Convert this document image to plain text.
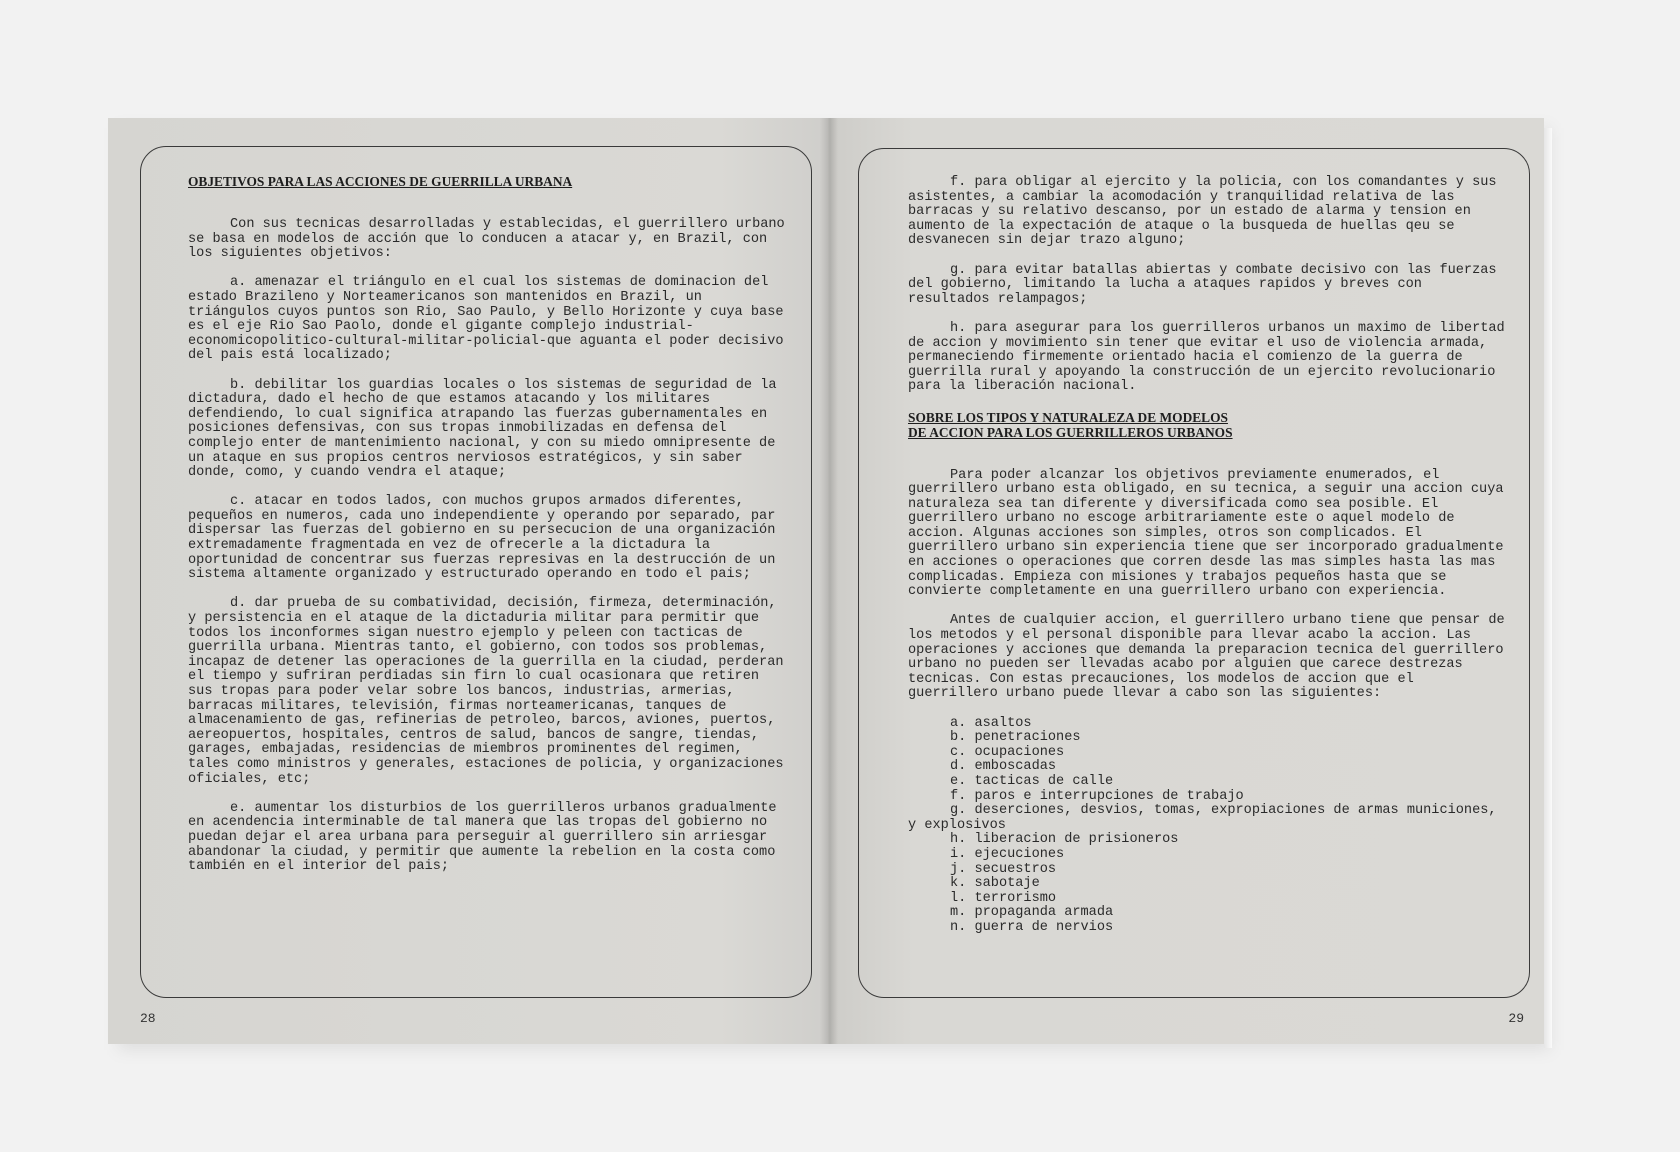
OBJETIVOS PARA LAS ACCIONES DE GUERRILLA URBANA

Con sus tecnicas desarrolladas y establecidas, el guerrillero urbano se basa en modelos de acción que lo conducen a atacar y, en Brazil, con los siguientes objetivos:

a. amenazar el triángulo en el cual los sistemas de dominacion del estado Brazileno y Norteamericanos son mantenidos en Brazil, un triángulos cuyos puntos son Rio, Sao Paulo, y Bello Horizonte y cuya base es el eje Rio Sao Paolo, donde el gigante complejo industrial-economicopolitico-cultural-militar-policial-que aguanta el poder decisivo del pais está localizado;

b. debilitar los guardias locales o los sistemas de seguridad de la dictadura, dado el hecho de que estamos atacando y los militares defendiendo, lo cual significa atrapando las fuerzas gubernamentales en posiciones defensivas, con sus tropas inmobilizadas en defensa del complejo enter de mantenimiento nacional, y con su miedo omnipresente de un ataque en sus propios centros nerviosos estratégicos, y sin saber donde, como, y cuando vendra el ataque;

c. atacar en todos lados, con muchos grupos armados diferentes, pequeños en numeros, cada uno independiente y operando por separado, par dispersar las fuerzas del gobierno en su persecucion de una organización extremadamente fragmentada en vez de ofrecerle a la dictadura la oportunidad de concentrar sus fuerzas represivas en la destrucción de un sistema altamente organizado y estructurado operando en todo el pais;

d. dar prueba de su combatividad, decisión, firmeza, determinación, y persistencia en el ataque de la dictaduria militar para permitir que todos los inconformes sigan nuestro ejemplo y peleen con tacticas de guerrilla urbana. Mientras tanto, el gobierno, con todos sos problemas, incapaz de detener las operaciones de la guerrilla en la ciudad, perderan el tiempo y sufriran perdiadas sin firn lo cual ocasionara que retiren sus tropas para poder velar sobre los bancos, industrias, armerias, barracas militares, televisión, firmas norteamericanas, tanques de almacenamiento de gas, refinerias de petroleo, barcos, aviones, puertos, aereopuertos, hospitales, centros de salud, bancos de sangre, tiendas, garages, embajadas, residencias de miembros prominentes del regimen, tales como ministros y generales, estaciones de policia, y organizaciones oficiales, etc;

e. aumentar los disturbios de los guerrilleros urbanos gradualmente en acendencia interminable de tal manera que las tropas del gobierno no puedan dejar el area urbana para perseguir al guerrillero sin arriesgar abandonar la ciudad, y permitir que aumente la rebelion en la costa como también en el interior del pais;

28

f. para obligar al ejercito y la policia, con los comandantes y sus asistentes, a cambiar la acomodación y tranquilidad relativa de las barracas y su relativo descanso, por un estado de alarma y tension en aumento de la expectación de ataque o la busqueda de huellas qeu se desvanecen sin dejar trazo alguno;

g. para evitar batallas abiertas y combate decisivo con las fuerzas del gobierno, limitando la lucha a ataques rapidos y breves con resultados relampagos;

h. para asegurar para los guerrilleros urbanos un maximo de libertad de accion y movimiento sin tener que evitar el uso de violencia armada, permaneciendo firmemente orientado hacia el comienzo de la guerra de guerrilla rural y apoyando la construcción de un ejercito revolucionario para la liberación nacional.

SOBRE LOS TIPOS Y NATURALEZA DE MODELOS
DE ACCION PARA LOS GUERRILLEROS URBANOS

Para poder alcanzar los objetivos previamente enumerados, el guerrillero urbano esta obligado, en su tecnica, a seguir una accion cuya naturaleza sea tan diferente y diversificada como sea posible. El guerrillero urbano no escoge arbitrariamente este o aquel modelo de accion. Algunas acciones son simples, otros son complicados. El guerrillero urbano sin experiencia tiene que ser incorporado gradualmente en acciones o operaciones que corren desde las mas simples hasta las mas complicadas. Empieza con misiones y trabajos pequeños hasta que se convierte completamente en una guerrillero urbano con experiencia.

Antes de cualquier accion, el guerrillero urbano tiene que pensar de los metodos y el personal disponible para llevar acabo la accion. Las operaciones y acciones que demanda la preparacion tecnica del guerrillero urbano no pueden ser llevadas acabo por alguien que carece destrezas tecnicas. Con estas precauciones, los modelos de accion que el guerrillero urbano puede llevar a cabo son las siguientes:

a. asaltos
b. penetraciones
c. ocupaciones
d. emboscadas
e. tacticas de calle
f. paros e interrupciones de trabajo
g. deserciones, desvios, tomas, expropiaciones de armas municiones, y explosivos
h. liberacion de prisioneros
i. ejecuciones
j. secuestros
k. sabotaje
l. terrorismo
m. propaganda armada
n. guerra de nervios
29
